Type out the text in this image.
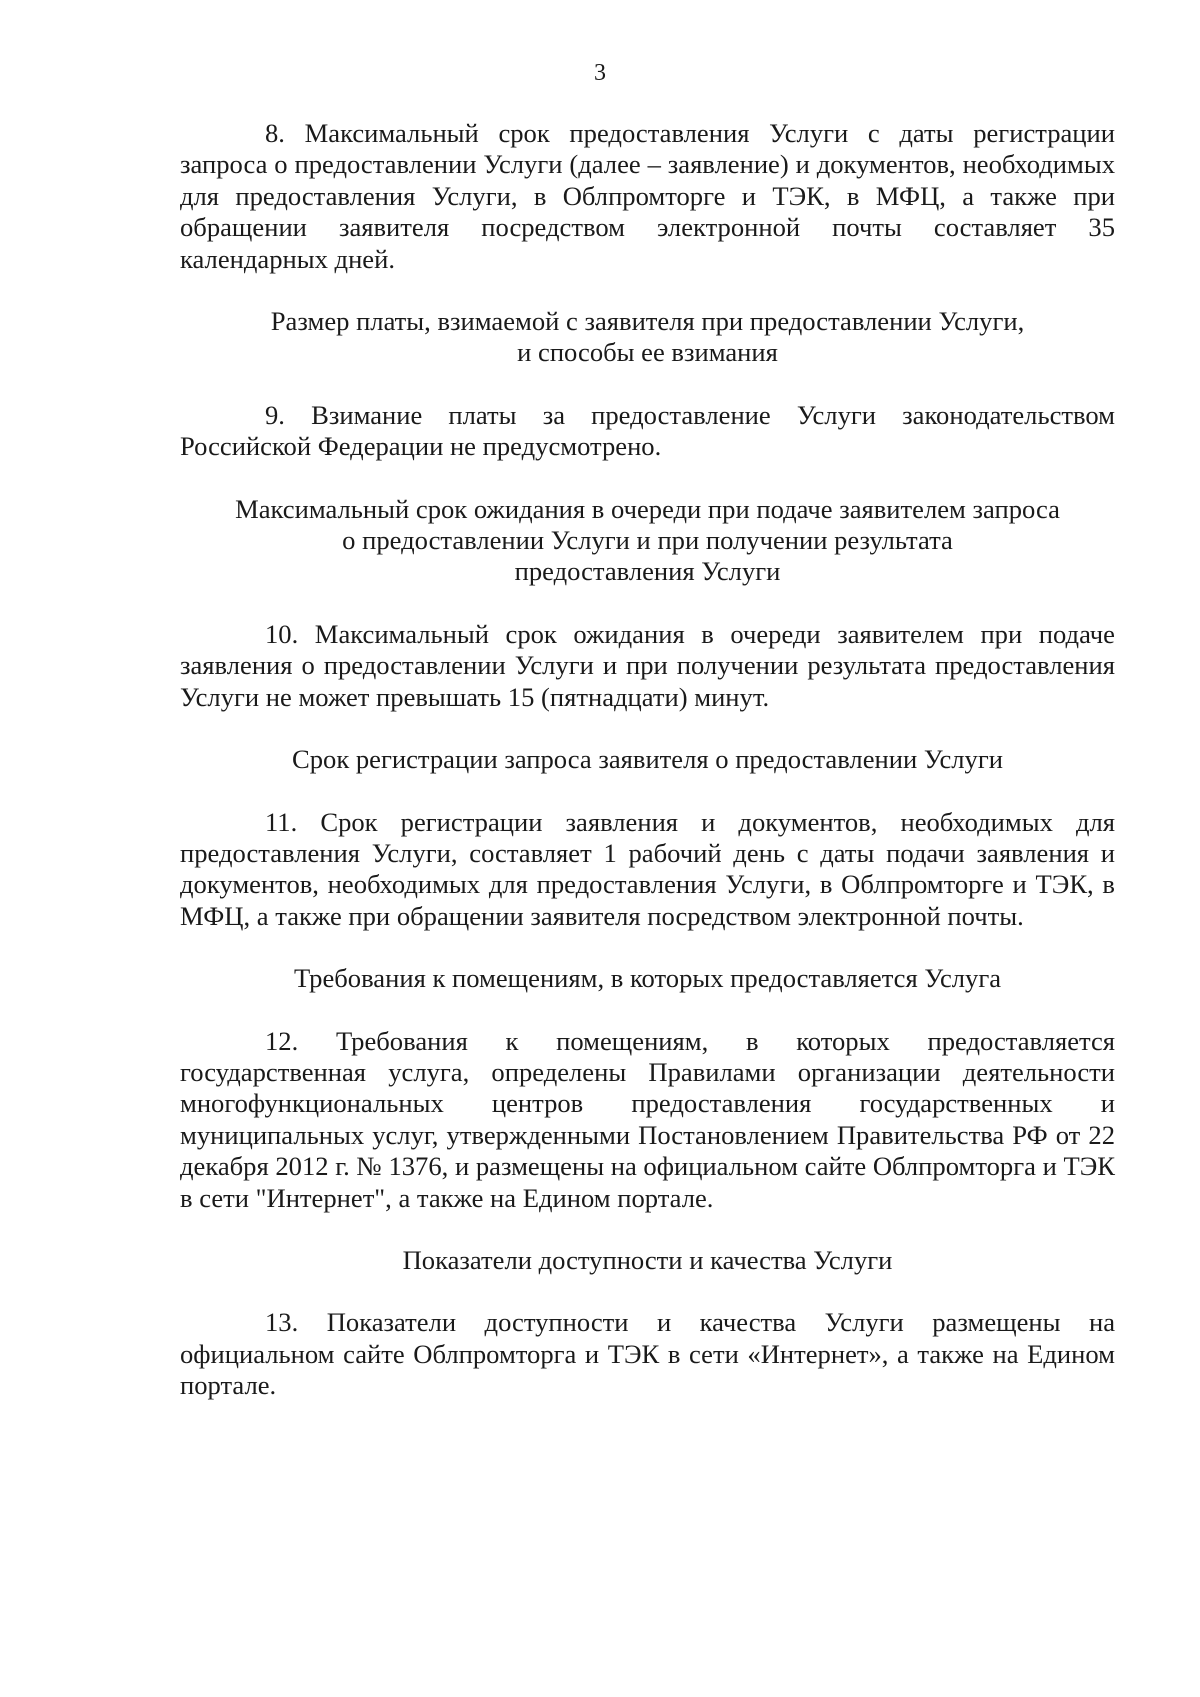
3

8. Максимальный срок предоставления Услуги с даты регистрации запроса о предоставлении Услуги (далее – заявление) и документов, необходимых для предоставления Услуги, в Облпромторге и ТЭК, в МФЦ, а также при обращении заявителя посредством электронной почты составляет 35 календарных дней.

Размер платы, взимаемой с заявителя при предоставлении Услуги,
и способы ее взимания

9. Взимание платы за предоставление Услуги законодательством Российской Федерации не предусмотрено.

Максимальный срок ожидания в очереди при подаче заявителем запроса
о предоставлении Услуги и при получении результата
предоставления Услуги

10. Максимальный срок ожидания в очереди заявителем при подаче заявления о предоставлении Услуги и при получении результата предоставления Услуги не может превышать 15 (пятнадцати) минут.

Срок регистрации запроса заявителя о предоставлении Услуги

11. Срок регистрации заявления и документов, необходимых для предоставления Услуги, составляет 1 рабочий день с даты подачи заявления и документов, необходимых для предоставления Услуги, в Облпромторге и ТЭК, в МФЦ, а также при обращении заявителя посредством электронной почты.

Требования к помещениям, в которых предоставляется Услуга

12. Требования к помещениям, в которых предоставляется государственная услуга, определены Правилами организации деятельности многофункциональных центров предоставления государственных и муниципальных услуг, утвержденными Постановлением Правительства РФ от 22 декабря 2012 г. № 1376, и размещены на официальном сайте Облпромторга и ТЭК в сети "Интернет", а также на Едином портале.

Показатели доступности и качества Услуги

13. Показатели доступности и качества Услуги размещены на официальном сайте Облпромторга и ТЭК в сети «Интернет», а также на Едином портале.
